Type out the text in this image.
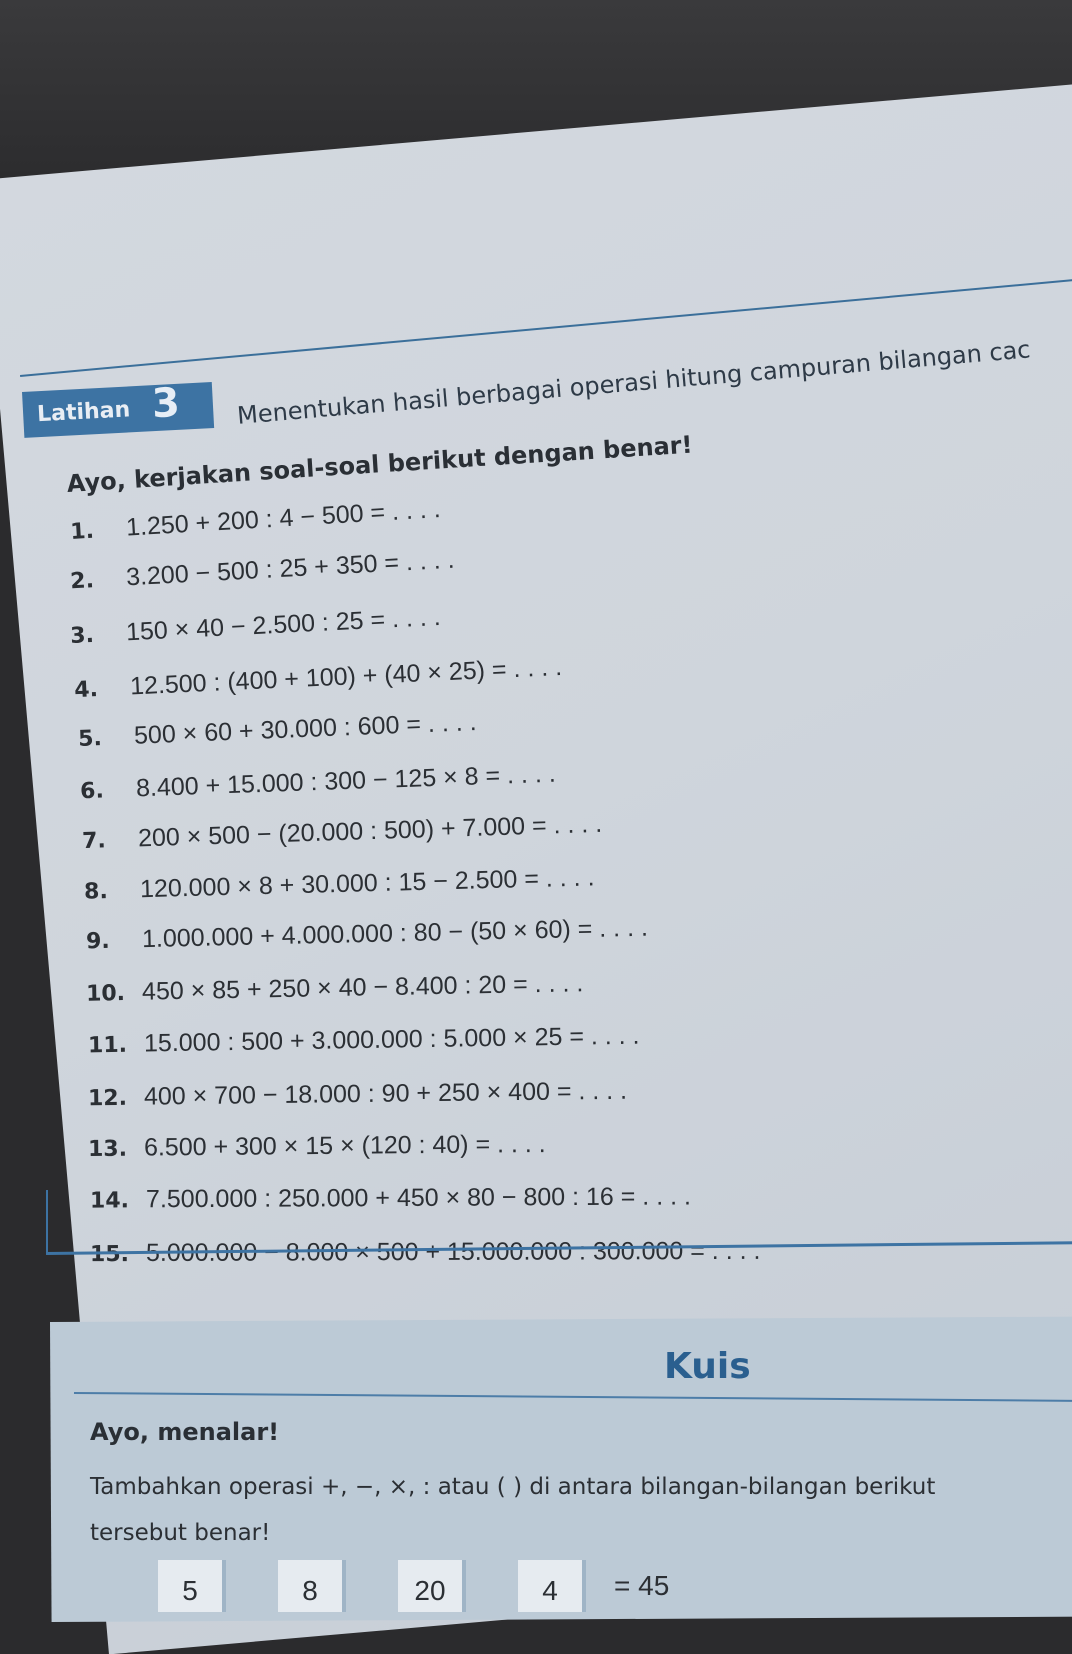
Latihan 3 Menentukan hasil berbagai operasi hitung campuran bilangan cac
Ayo, kerjakan soal-soal berikut dengan benar!
1. 1.250 + 200 : 4 − 500 = . . . .
2. 3.200 − 500 : 25 + 350 = . . . .
3. 150 × 40 − 2.500 : 25 = . . . .
4. 12.500 : (400 + 100) + (40 × 25) = . . . .
5. 500 × 60 + 30.000 : 600 = . . . .
6. 8.400 + 15.000 : 300 − 125 × 8 = . . . .
7. 200 × 500 − (20.000 : 500) + 7.000 = . . . .
8. 120.000 × 8 + 30.000 : 15 − 2.500 = . . . .
9. 1.000.000 + 4.000.000 : 80 − (50 × 60) = . . . .
10. 450 × 85 + 250 × 40 − 8.400 : 20 = . . . .
11. 15.000 : 500 + 3.000.000 : 5.000 × 25 = . . . .
12. 400 × 700 − 18.000 : 90 + 250 × 400 = . . . .
13. 6.500 + 300 × 15 × (120 : 40) = . . . .
14. 7.500.000 : 250.000 + 450 × 80 − 800 : 16 = . . . .
15. 5.000.000 − 8.000 × 500 + 15.000.000 : 300.000 = . . . .
Kuis
Ayo, menalar!
Tambahkan operasi +, −, ×, : atau ( ) di antara bilangan-bilangan berikut
tersebut benar!
5	8	20	4	= 45
